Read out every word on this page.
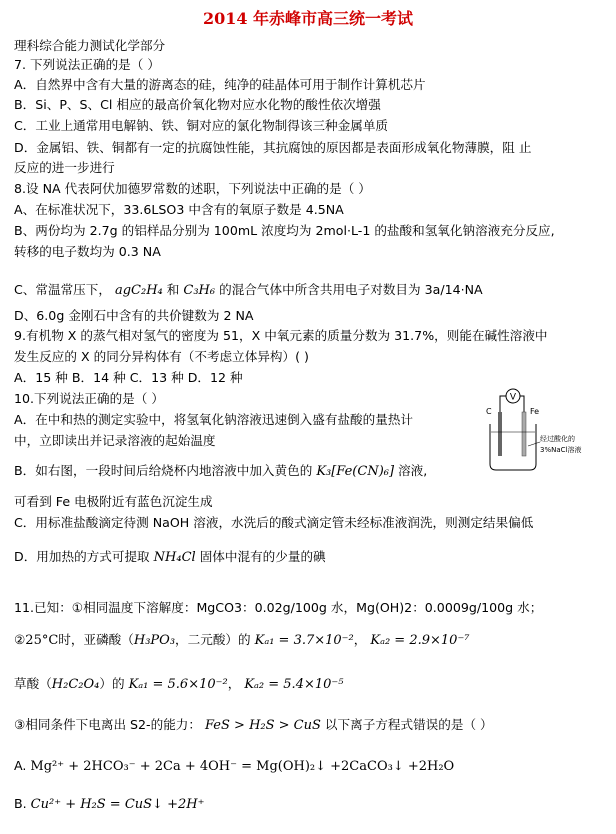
2014 年赤峰市高三统一考试
理科综合能力测试化学部分
7. 下列说法正确的是（ ）
A．自然界中含有大量的游离态的硅，纯净的硅晶体可用于制作计算机芯片
B．Si、P、S、Cl 相应的最高价氧化物对应水化物的酸性依次增强
C．工业上通常用电解钠、铁、铜对应的氯化物制得该三种金属单质
D．金属铝、铁、铜都有一定的抗腐蚀性能，其抗腐蚀的原因都是表面形成氧化物薄膜，阻 止
反应的进一步进行
8.设 NA 代表阿伏加德罗常数的述职，下列说法中正确的是（ ）
A、在标准状况下，33.6LSO3 中含有的氧原子数是 4.5NA
B、两份均为 2.7g 的铝样品分别为 100mL 浓度均为 2mol·L-1 的盐酸和氢氧化钠溶液充分反应,
转移的电子数均为 0.3 NA
C、常温常压下， agC₂H₄ 和 C₃H₆ 的混合气体中所含共用电子对数目为 3a/14·NA
D、6.0g 金刚石中含有的共价键数为 2 NA
9.有机物 X 的蒸气相对氢气的密度为 51，X 中氧元素的质量分数为 31.7%，则能在碱性溶液中
发生反应的 X 的同分异构体有（不考虑立体异构）( )
A．15 种 B．14 种 C．13 种 D．12 种
10.下列说法正确的是（ ）
A．在中和热的测定实验中，将氢氧化钠溶液迅速倒入盛有盐酸的量热计
中，立即读出并记录溶液的起始温度
V
C	Fe
经过酸化的
3%NaCl溶液
B．如右图，一段时间后给烧杯内地溶液中加入黄色的 K₃[Fe(CN)₆] 溶液,
可看到 Fe 电极附近有蓝色沉淀生成
C．用标准盐酸滴定待测 NaOH 溶液，水洗后的酸式滴定管未经标准液润洗，则测定结果偏低
D．用加热的方式可提取 NH₄Cl 固体中混有的少量的碘
11.已知：①相同温度下溶解度：MgCO3：0.02g/100g 水，Mg(OH)2：0.0009g/100g 水；
②25°C时，亚磷酸（H₃PO₃，二元酸）的 Kₐ₁ = 3.7×10⁻²， Kₐ₂ = 2.9×10⁻⁷
草酸（H₂C₂O₄）的 Kₐ₁ = 5.6×10⁻²， Kₐ₂ = 5.4×10⁻⁵
③相同条件下电离出 S2-的能力： FeS > H₂S > CuS 以下离子方程式错误的是（ ）
A. Mg²⁺ + 2HCO₃⁻ + 2Ca + 4OH⁻ = Mg(OH)₂↓ +2CaCO₃↓ +2H₂O
B. Cu²⁺ + H₂S = CuS↓ +2H⁺
